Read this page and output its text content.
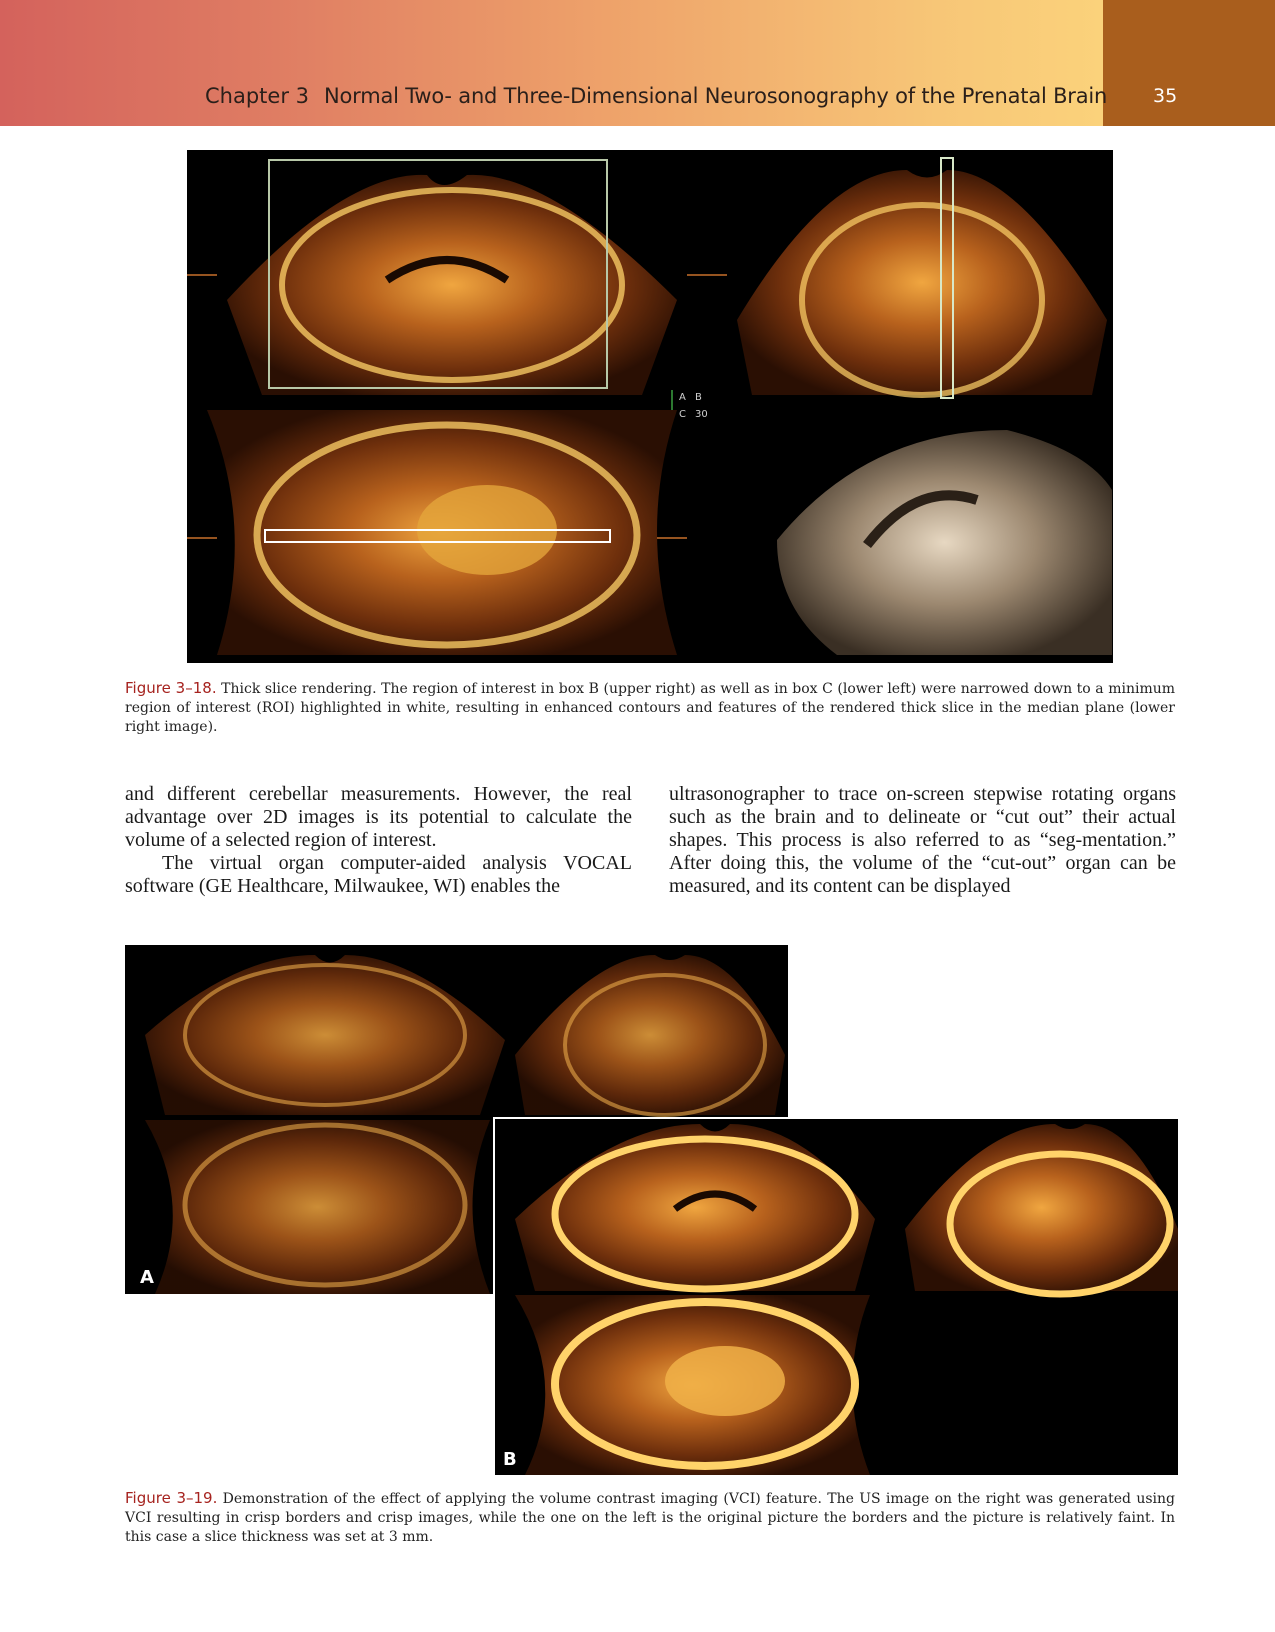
Chapter 3 Normal Two- and Three-Dimensional Neurosonography of the Prenatal Brain 35
A B
C 30
Figure 3–18. Thick slice rendering. The region of interest in box B (upper right) as well as in box C (lower left) were narrowed down to a minimum region of interest (ROI) highlighted in white, resulting in enhanced contours and features of the rendered thick slice in the median plane (lower right image).

and different cerebellar measurements. However, the real advantage over 2D images is its potential to calculate the volume of a selected region of interest.

The virtual organ computer-aided analysis VOCAL software (GE Healthcare, Milwaukee, WI) enables the

ultrasonographer to trace on-screen stepwise rotating organs such as the brain and to delineate or “cut out” their actual shapes. This process is also referred to as “seg-mentation.” After doing this, the volume of the “cut-out” organ can be measured, and its content can be displayed

A
B
Figure 3–19. Demonstration of the effect of applying the volume contrast imaging (VCI) feature. The US image on the right was generated using VCI resulting in crisp borders and crisp images, while the one on the left is the original picture the borders and the picture is relatively faint. In this case a slice thickness was set at 3 mm.
